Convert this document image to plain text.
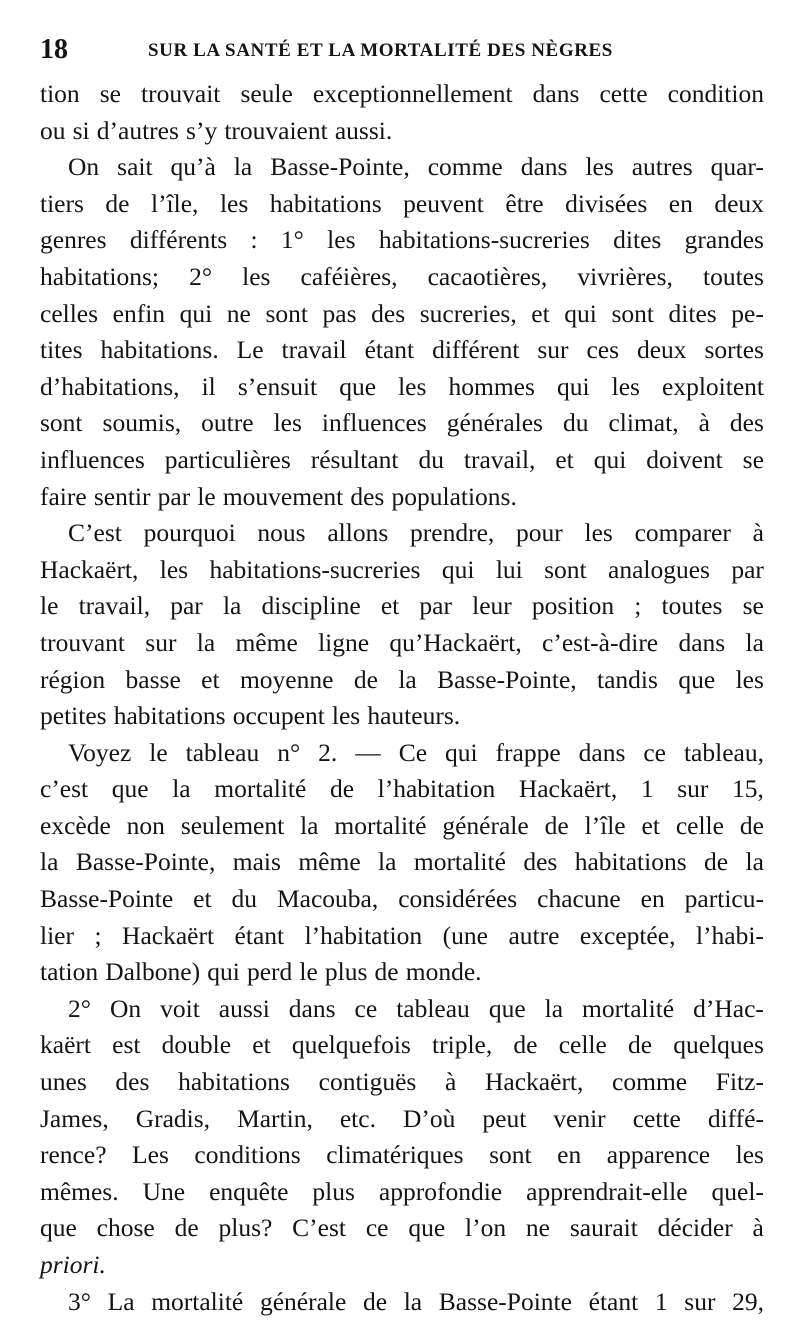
18	SUR LA SANTÉ ET LA MORTALITÉ DES NÈGRES
tion se trouvait seule exceptionnellement dans cette condition
ou si d’autres s’y trouvaient aussi.
On sait qu’à la Basse-Pointe, comme dans les autres quar-
tiers de l’île, les habitations peuvent être divisées en deux
genres différents : 1° les habitations-sucreries dites grandes
habitations; 2° les caféières, cacaotières, vivrières, toutes
celles enfin qui ne sont pas des sucreries, et qui sont dites pe-
tites habitations. Le travail étant différent sur ces deux sortes
d’habitations, il s’ensuit que les hommes qui les exploitent
sont soumis, outre les influences générales du climat, à des
influences particulières résultant du travail, et qui doivent se
faire sentir par le mouvement des populations.
C’est pourquoi nous allons prendre, pour les comparer à
Hackaërt, les habitations-sucreries qui lui sont analogues par
le travail, par la discipline et par leur position ; toutes se
trouvant sur la même ligne qu’Hackaërt, c’est-à-dire dans la
région basse et moyenne de la Basse-Pointe, tandis que les
petites habitations occupent les hauteurs.
Voyez le tableau n° 2. — Ce qui frappe dans ce tableau,
c’est que la mortalité de l’habitation Hackaërt, 1 sur 15,
excède non seulement la mortalité générale de l’île et celle de
la Basse-Pointe, mais même la mortalité des habitations de la
Basse-Pointe et du Macouba, considérées chacune en particu-
lier ; Hackaërt étant l’habitation (une autre exceptée, l’habi-
tation Dalbone) qui perd le plus de monde.
2° On voit aussi dans ce tableau que la mortalité d’Hac-
kaërt est double et quelquefois triple, de celle de quelques
unes des habitations contiguës à Hackaërt, comme Fitz-
James, Gradis, Martin, etc. D’où peut venir cette diffé-
rence? Les conditions climatériques sont en apparence les
mêmes. Une enquête plus approfondie apprendrait-elle quel-
que chose de plus? C’est ce que l’on ne saurait décider à
priori.
3° La mortalité générale de la Basse-Pointe étant 1 sur 29,
